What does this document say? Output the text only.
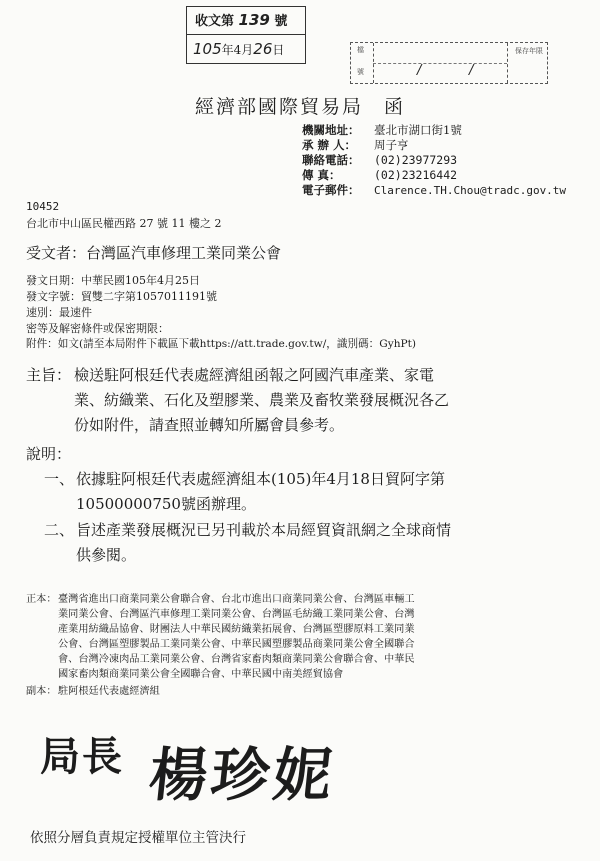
收文第 139 號
105年4月26日	檔

號	/	/
保存年限
經濟部國際貿易局　函
機關地址： 臺北市湖口街1號
承 辦 人： 周子亨
聯絡電話： (02)23977293
傳 真：	(02)23216442
電子郵件： Clarence.TH.Chou@tradc.gov.tw
10452
台北市中山區民權西路 27 號 11 樓之 2
受文者：台灣區汽車修理工業同業公會
發文日期：中華民國105年4月25日
發文字號：貿雙二字第1057011191號
速別：最速件
密等及解密條件或保密期限：
附件：如文(請至本局附件下載區下載https://att.trade.gov.tw/，識別碼：GyhPt)
主旨： 檢送駐阿根廷代表處經濟組函報之阿國汽車產業、家電
業、紡織業、石化及塑膠業、農業及畜牧業發展概況各乙
份如附件，請查照並轉知所屬會員參考。
說明：
一、 依據駐阿根廷代表處經濟組本(105)年4月18日貿阿字第
10500000750號函辦理。
二、 旨述產業發展概況已另刊載於本局經貿資訊網之全球商情
供參閱。
正本： 臺灣省進出口商業同業公會聯合會、台北市進出口商業同業公會、台灣區車輛工
業同業公會、台灣區汽車修理工業同業公會、台灣區毛紡織工業同業公會、台灣
產業用紡織品協會、財團法人中華民國紡織業拓展會、台灣區塑膠原料工業同業
公會、台灣區塑膠製品工業同業公會、中華民國塑膠製品商業同業公會全國聯合
會、台灣冷凍肉品工業同業公會、台灣省家畜肉類商業同業公會聯合會、中華民
國家畜肉類商業同業公會全國聯合會、中華民國中南美經貿協會
副本： 駐阿根廷代表處經濟組
局長 楊珍妮
依照分層負責規定授權單位主管決行
